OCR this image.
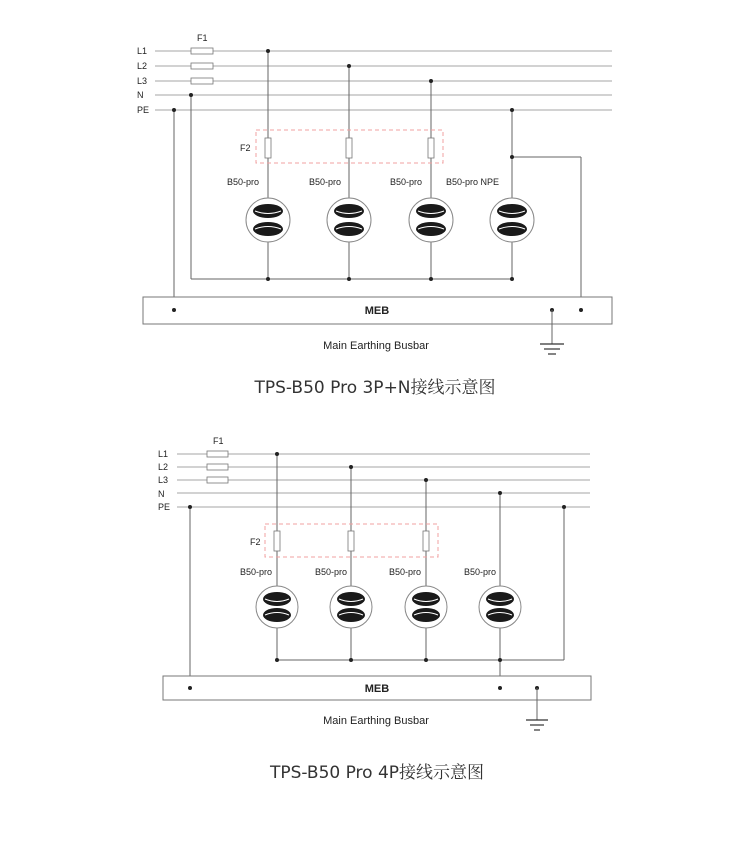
L1
L2
L3
N
PE
F1
F2
B50-pro	B50-pro	B50-pro	B50-pro NPE
MEB
Main Earthing Busbar
TPS-B50 Pro 3P+N接线示意图
L1
L2
L3
N
PE
F1
F2
B50-pro	B50-pro	B50-pro	B50-pro
MEB
Main Earthing Busbar
TPS-B50 Pro 4P接线示意图
